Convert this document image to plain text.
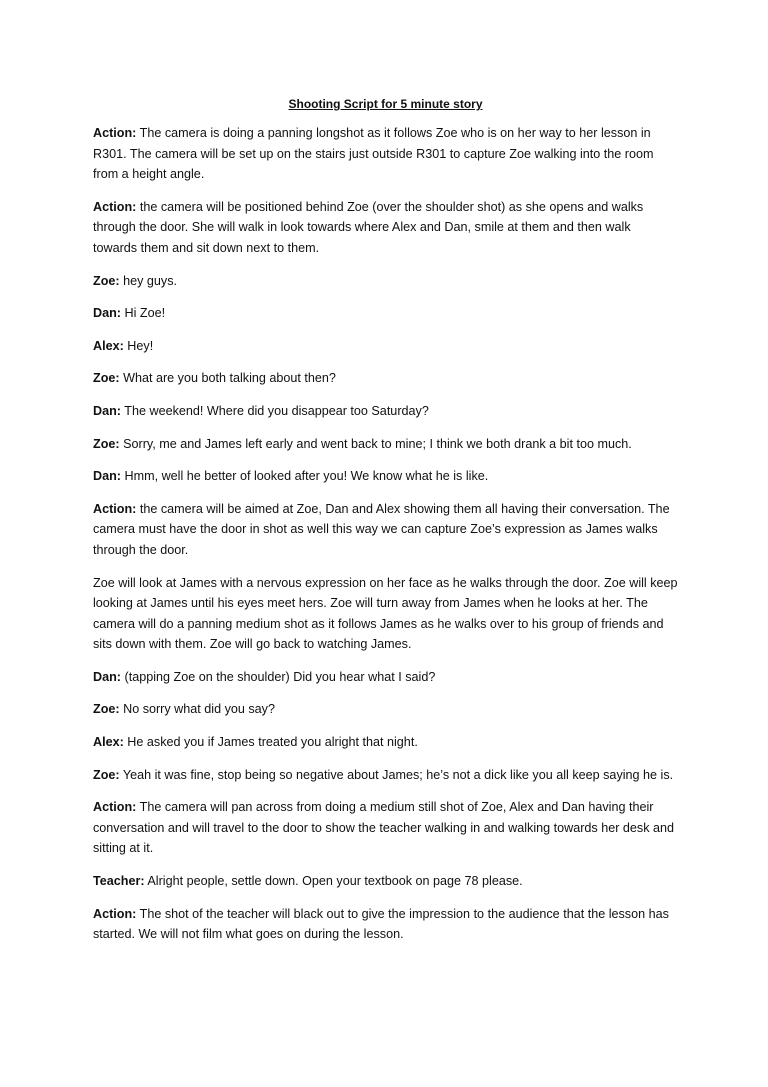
Shooting Script for 5 minute story

Action: The camera is doing a panning longshot as it follows Zoe who is on her way to her lesson in R301. The camera will be set up on the stairs just outside R301 to capture Zoe walking into the room from a height angle.

Action: the camera will be positioned behind Zoe (over the shoulder shot) as she opens and walks through the door. She will walk in look towards where Alex and Dan, smile at them and then walk towards them and sit down next to them.

Zoe: hey guys.

Dan: Hi Zoe!

Alex: Hey!

Zoe: What are you both talking about then?

Dan: The weekend! Where did you disappear too Saturday?

Zoe: Sorry, me and James left early and went back to mine; I think we both drank a bit too much.

Dan: Hmm, well he better of looked after you! We know what he is like.

Action: the camera will be aimed at Zoe, Dan and Alex showing them all having their conversation. The camera must have the door in shot as well this way we can capture Zoe’s expression as James walks through the door.

Zoe will look at James with a nervous expression on her face as he walks through the door. Zoe will keep looking at James until his eyes meet hers. Zoe will turn away from James when he looks at her. The camera will do a panning medium shot as it follows James as he walks over to his group of friends and sits down with them. Zoe will go back to watching James.

Dan: (tapping Zoe on the shoulder) Did you hear what I said?

Zoe: No sorry what did you say?

Alex: He asked you if James treated you alright that night.

Zoe: Yeah it was fine, stop being so negative about James; he’s not a dick like you all keep saying he is.

Action: The camera will pan across from doing a medium still shot of Zoe, Alex and Dan having their conversation and will travel to the door to show the teacher walking in and walking towards her desk and sitting at it.

Teacher: Alright people, settle down. Open your textbook on page 78 please.

Action: The shot of the teacher will black out to give the impression to the audience that the lesson has started. We will not film what goes on during the lesson.
